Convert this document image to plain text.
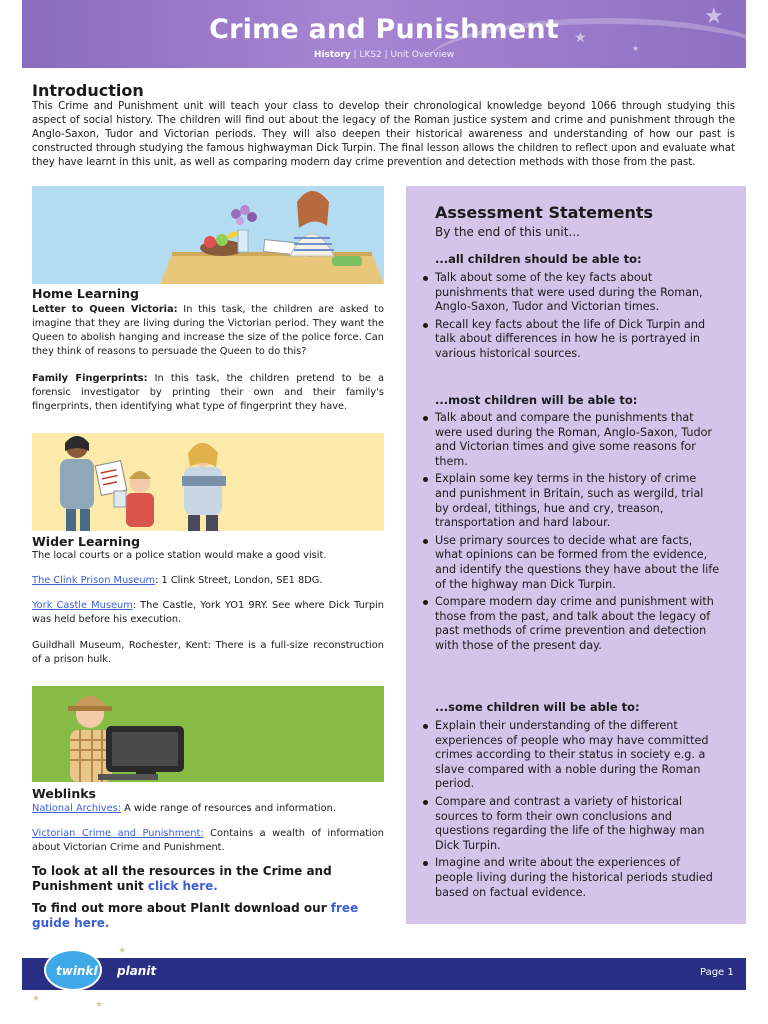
★
★
★
Crime and Punishment
History | LKS2 | Unit Overview
Introduction
This Crime and Punishment unit will teach your class to develop their chronological knowledge beyond 1066 through studying this aspect of social history. The children will find out about the legacy of the Roman justice system and crime and punishment through the Anglo-Saxon, Tudor and Victorian periods. They will also deepen their historical awareness and understanding of how our past is constructed through studying the famous highwayman Dick Turpin. The final lesson allows the children to reflect upon and evaluate what they have learnt in this unit, as well as comparing modern day crime prevention and detection methods with those from the past.
Home Learning
Letter to Queen Victoria: In this task, the children are asked to imagine that they are living during the Victorian period. They want the Queen to abolish hanging and increase the size of the police force. Can they think of reasons to persuade the Queen to do this?
Family Fingerprints: In this task, the children pretend to be a forensic investigator by printing their own and their family's fingerprints, then identifying what type of fingerprint they have.
Wider Learning
The local courts or a police station would make a good visit.
The Clink Prison Museum: 1 Clink Street, London, SE1 8DG.
York Castle Museum: The Castle, York YO1 9RY. See where Dick Turpin was held before his execution.
Guildhall Museum, Rochester, Kent: There is a full-size reconstruction of a prison hulk.
Weblinks
National Archives: A wide range of resources and information.
Victorian Crime and Punishment: Contains a wealth of information about Victorian Crime and Punishment.
To look at all the resources in the Crime and Punishment unit click here.
To find out more about PlanIt download our free guide here.
Assessment Statements
By the end of this unit...
...all children should be able to:
Talk about some of the key facts about punishments that were used during the Roman, Anglo-Saxon, Tudor and Victorian times.
Recall key facts about the life of Dick Turpin and talk about differences in how he is portrayed in various historical sources.
...most children will be able to:
Talk about and compare the punishments that were used during the Roman, Anglo-Saxon, Tudor and Victorian times and give some reasons for them.
Explain some key terms in the history of crime and punishment in Britain, such as wergild, trial by ordeal, tithings, hue and cry, treason, transportation and hard labour.
Use primary sources to decide what are facts, what opinions can be formed from the evidence, and identify the questions they have about the life of the highway man Dick Turpin.
Compare modern day crime and punishment with those from the past, and talk about the legacy of past methods of crime prevention and detection with those of the present day.
...some children will be able to:
Explain their understanding of the different experiences of people who may have committed crimes according to their status in society e.g. a slave compared with a noble during the Roman period.
Compare and contrast a variety of historical sources to form their own conclusions and questions regarding the life of the highway man Dick Turpin.
Imagine and write about the experiences of people living during the historical periods studied based on factual evidence.
★
★
★
twinkl planit	Page 1
